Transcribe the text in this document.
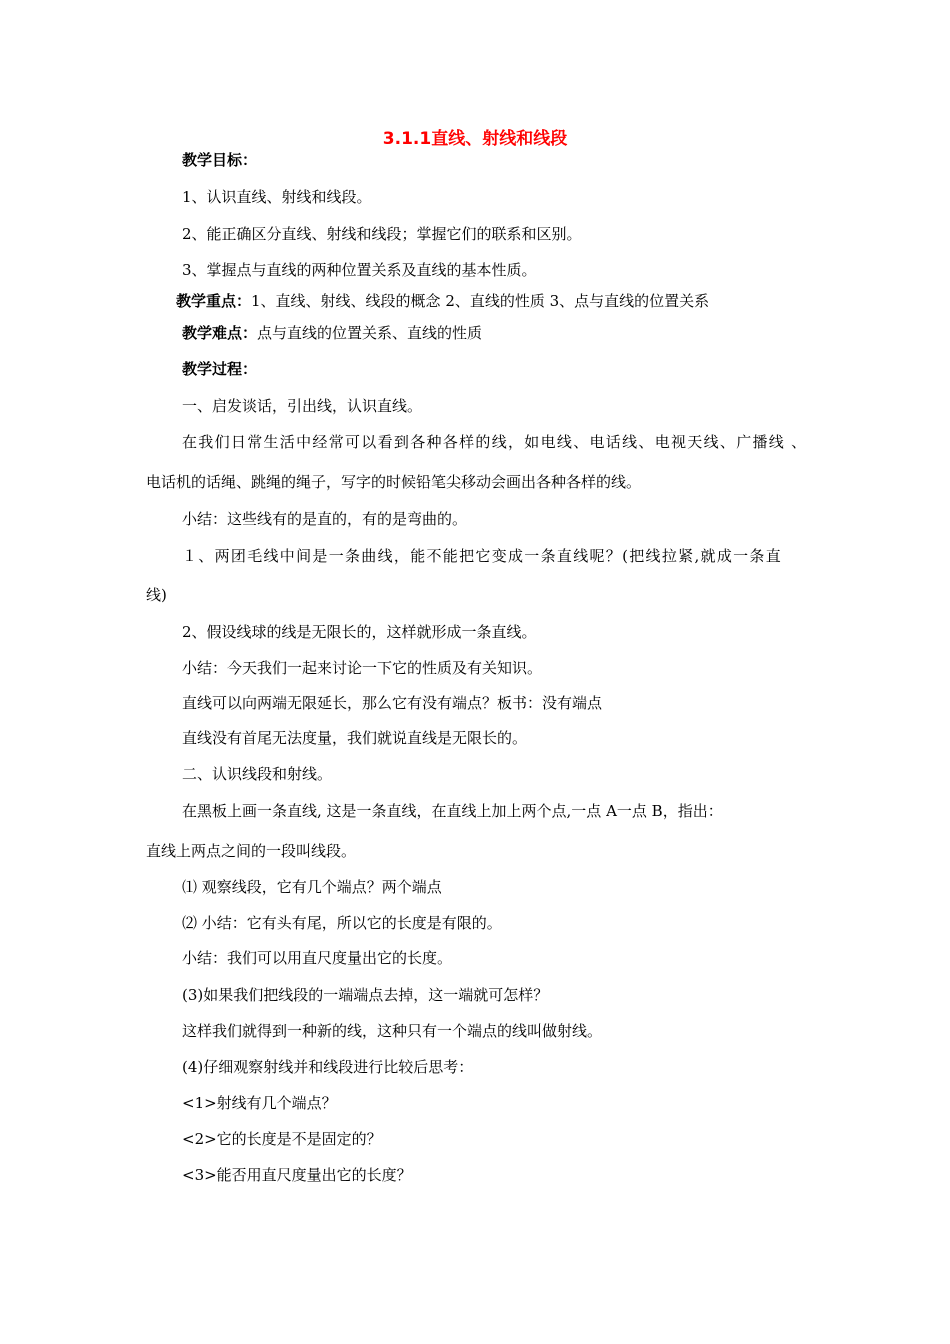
3.1.1直线、射线和线段

教学目标：

1、认识直线、射线和线段。

2、能正确区分直线、射线和线段；掌握它们的联系和区别。

3、掌握点与直线的两种位置关系及直线的基本性质。

教学重点：1、直线、射线、线段的概念 2、直线的性质 3、点与直线的位置关系

教学难点：点与直线的位置关系、直线的性质

教学过程：

一、启发谈话，引出线，认识直线。

在我们日常生活中经常可以看到各种各样的线，如电线、电话线、电视天线、广播线 、

电话机的话绳、跳绳的绳子，写字的时候铅笔尖移动会画出各种各样的线。

小结：这些线有的是直的，有的是弯曲的。

１、两团毛线中间是一条曲线，能不能把它变成一条直线呢？(把线拉紧,就成一条直

线)

2、假设线球的线是无限长的，这样就形成一条直线。

小结：今天我们一起来讨论一下它的性质及有关知识。

直线可以向两端无限延长，那么它有没有端点？板书：没有端点

直线没有首尾无法度量，我们就说直线是无限长的。

二、认识线段和射线。

在黑板上画一条直线, 这是一条直线，在直线上加上两个点,一点 A一点 B，指出：

直线上两点之间的一段叫线段。

⑴ 观察线段，它有几个端点？两个端点

⑵ 小结：它有头有尾，所以它的长度是有限的。

小结：我们可以用直尺度量出它的长度。

(3)如果我们把线段的一端端点去掉，这一端就可怎样？

这样我们就得到一种新的线，这种只有一个端点的线叫做射线。

(4)仔细观察射线并和线段进行比较后思考：

<1>射线有几个端点？

<2>它的长度是不是固定的？

<3>能否用直尺度量出它的长度？
